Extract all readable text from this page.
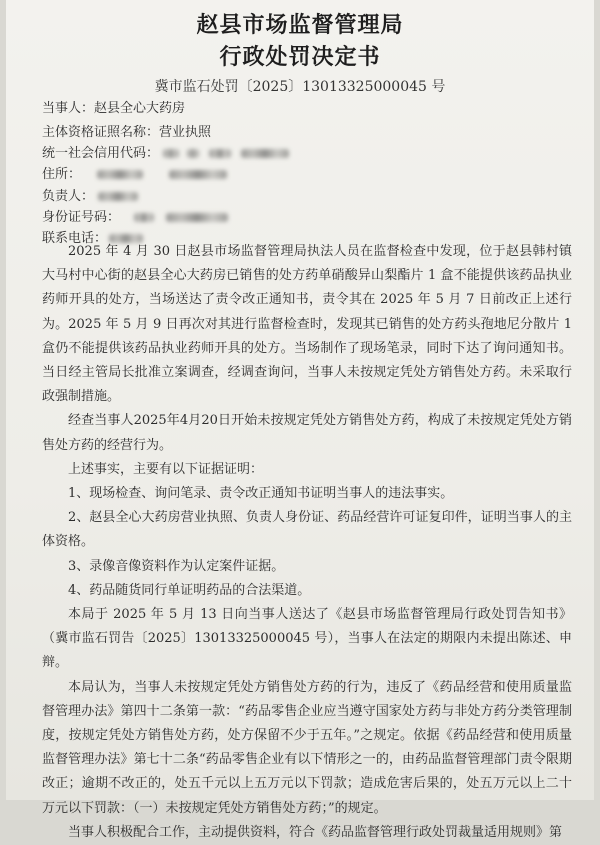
赵县市场监督管理局
行政处罚决定书
冀市监石处罚〔2025〕13013325000045 号
当事人：赵县全心大药房
主体资格证照名称：营业执照
统一社会信用代码：
住所：
负责人：
身份证号码：
联系电话：

2025 年 4 月 30 日赵县市场监督管理局执法人员在监督检查中发现，位于赵县韩村镇大马村中心街的赵县全心大药房已销售的处方药单硝酸异山梨酯片 1 盒不能提供该药品执业药师开具的处方，当场送达了责令改正通知书，责令其在 2025 年 5 月 7 日前改正上述行为。2025 年 5 月 9 日再次对其进行监督检查时，发现其已销售的处方药头孢地尼分散片 1 盒仍不能提供该药品执业药师开具的处方。当场制作了现场笔录，同时下达了询问通知书。当日经主管局长批准立案调查，经调查询问，当事人未按规定凭处方销售处方药。未采取行政强制措施。

经查当事人2025年4月20日开始未按规定凭处方销售处方药，构成了未按规定凭处方销售处方药的经营行为。

上述事实，主要有以下证据证明：

1、现场检查、询问笔录、责令改正通知书证明当事人的违法事实。

2、赵县全心大药房营业执照、负责人身份证、药品经营许可证复印件，证明当事人的主体资格。

3、录像音像资料作为认定案件证据。

4、药品随货同行单证明药品的合法渠道。

本局于 2025 年 5 月 13 日向当事人送达了《赵县市场监督管理局行政处罚告知书》（冀市监石罚告〔2025〕13013325000045 号），当事人在法定的期限内未提出陈述、申辩。

本局认为，当事人未按规定凭处方销售处方药的行为，违反了《药品经营和使用质量监督管理办法》第四十二条第一款：“药品零售企业应当遵守国家处方药与非处方药分类管理制度，按规定凭处方销售处方药，处方保留不少于五年。”之规定。依据《药品经营和使用质量监督管理办法》第七十二条“药品零售企业有以下情形之一的，由药品监督管理部门责令限期改正；逾期不改正的，处五千元以上五万元以下罚款；造成危害后果的，处五万元以上二十万元以下罚款：（一）未按规定凭处方销售处方药；”的规定。

当事人积极配合工作，主动提供资料，符合《药品监督管理行政处罚裁量适用规则》第
